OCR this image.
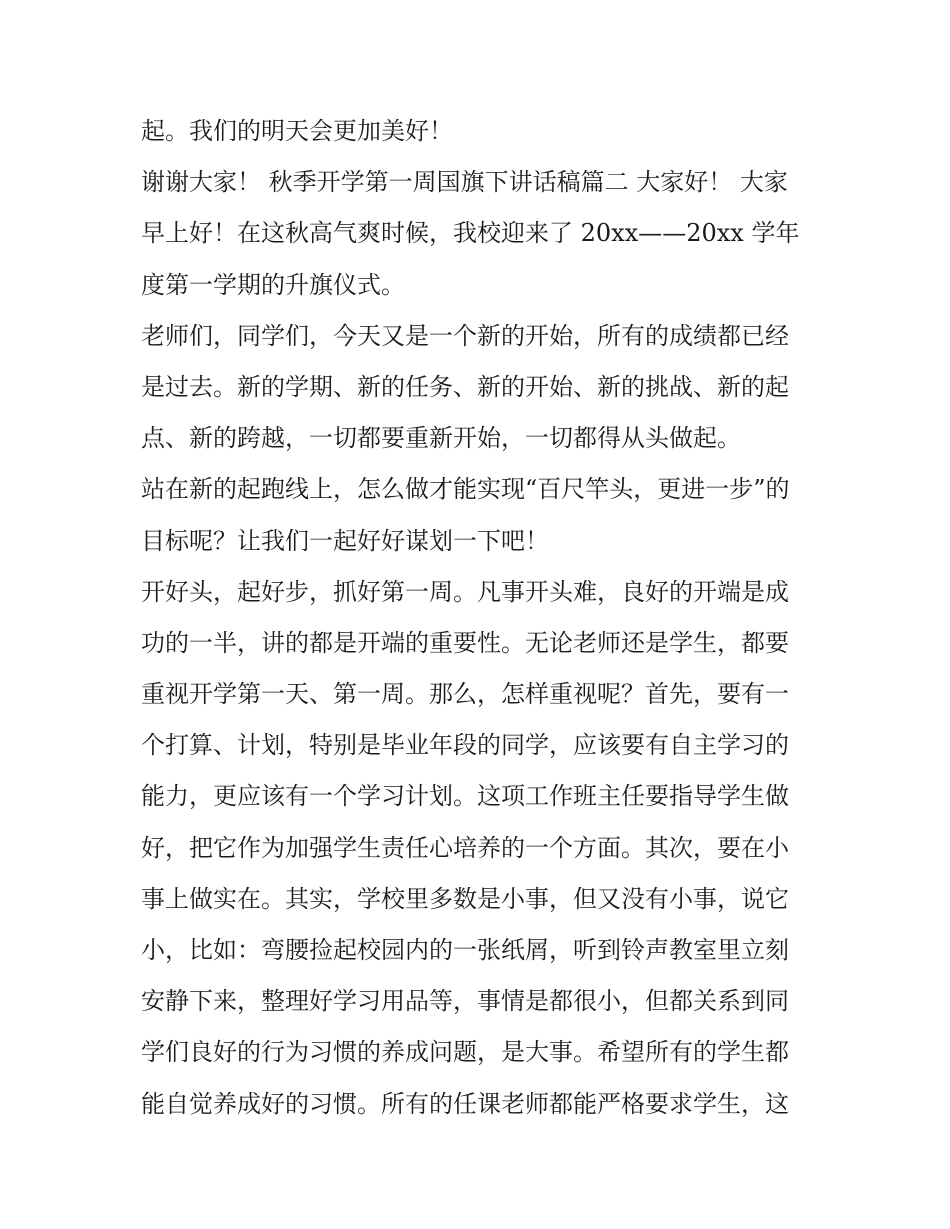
起。我们的明天会更加美好！
谢谢大家！ 秋季开学第一周国旗下讲话稿篇二 大家好！ 大家
早上好！在这秋高气爽时候，我校迎来了 20xx——20xx 学年
度第一学期的升旗仪式。
老师们，同学们，今天又是一个新的开始，所有的成绩都已经
是过去。新的学期、新的任务、新的开始、新的挑战、新的起
点、新的跨越，一切都要重新开始，一切都得从头做起。
站在新的起跑线上，怎么做才能实现“百尺竿头，更进一步”的
目标呢？让我们一起好好谋划一下吧！
开好头，起好步，抓好第一周。凡事开头难，良好的开端是成
功的一半，讲的都是开端的重要性。无论老师还是学生，都要
重视开学第一天、第一周。那么，怎样重视呢？首先，要有一
个打算、计划，特别是毕业年段的同学，应该要有自主学习的
能力，更应该有一个学习计划。这项工作班主任要指导学生做
好，把它作为加强学生责任心培养的一个方面。其次，要在小
事上做实在。其实，学校里多数是小事，但又没有小事，说它
小，比如：弯腰捡起校园内的一张纸屑，听到铃声教室里立刻
安静下来，整理好学习用品等，事情是都很小，但都关系到同
学们良好的行为习惯的养成问题，是大事。希望所有的学生都
能自觉养成好的习惯。所有的任课老师都能严格要求学生，这
